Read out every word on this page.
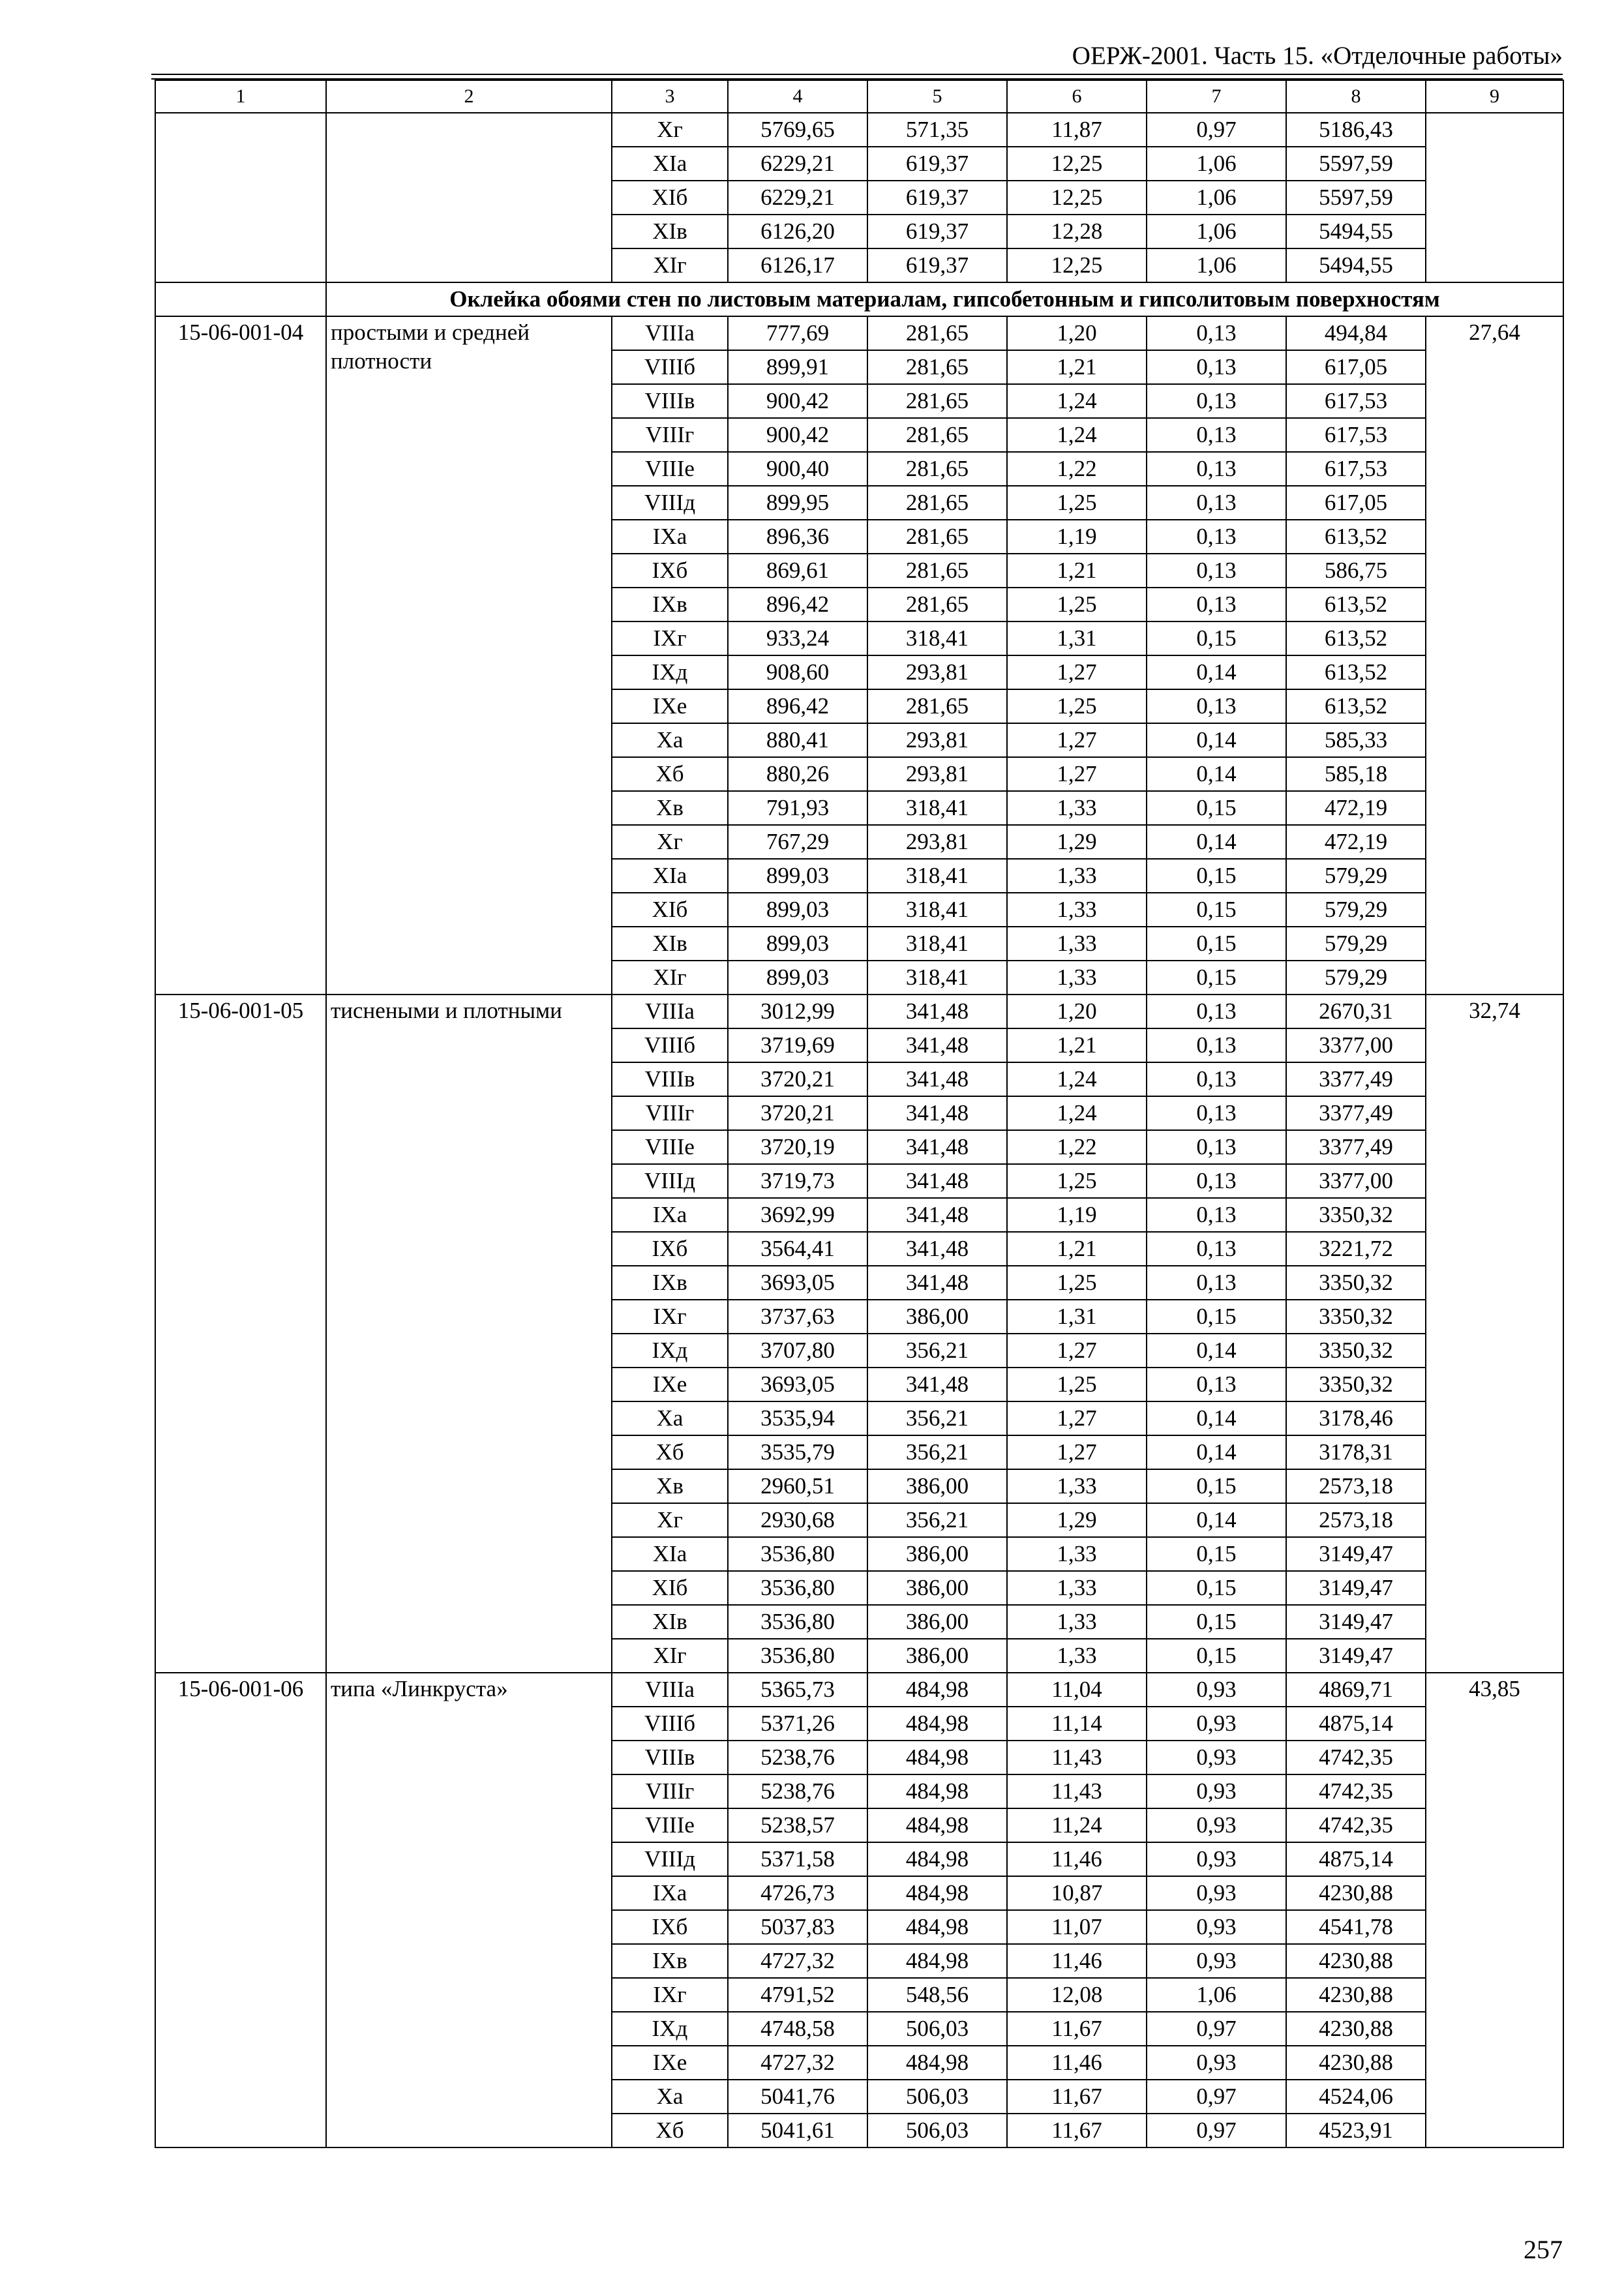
ОЕРЖ-2001. Часть 15. «Отделочные работы»
1	2	3	4	5	6	7	8	9
		Xг	5769,65	571,35	11,87	0,97	5186,43	
		XIа	6229,21	619,37	12,25	1,06	5597,59	
		XIб	6229,21	619,37	12,25	1,06	5597,59	
		XIв	6126,20	619,37	12,28	1,06	5494,55	
		XIг	6126,17	619,37	12,25	1,06	5494,55	
	Оклейка обоями стен по листовым материалам, гипсобетонным и гипсолитовым поверхностям							
15-06-001-04	простыми и средней плотности	VIIIа	777,69	281,65	1,20	0,13	494,84	27,64
		VIIIб	899,91	281,65	1,21	0,13	617,05	
		VIIIв	900,42	281,65	1,24	0,13	617,53	
		VIIIг	900,42	281,65	1,24	0,13	617,53	
		VIIIе	900,40	281,65	1,22	0,13	617,53	
		VIIIд	899,95	281,65	1,25	0,13	617,05	
		IXа	896,36	281,65	1,19	0,13	613,52	
		IXб	869,61	281,65	1,21	0,13	586,75	
		IXв	896,42	281,65	1,25	0,13	613,52	
		IXг	933,24	318,41	1,31	0,15	613,52	
		IXд	908,60	293,81	1,27	0,14	613,52	
		IXе	896,42	281,65	1,25	0,13	613,52	
		Xа	880,41	293,81	1,27	0,14	585,33	
		Xб	880,26	293,81	1,27	0,14	585,18	
		Xв	791,93	318,41	1,33	0,15	472,19	
		Xг	767,29	293,81	1,29	0,14	472,19	
		XIа	899,03	318,41	1,33	0,15	579,29	
		XIб	899,03	318,41	1,33	0,15	579,29	
		XIв	899,03	318,41	1,33	0,15	579,29	
		XIг	899,03	318,41	1,33	0,15	579,29	
15-06-001-05	тиснеными и плотными	VIIIа	3012,99	341,48	1,20	0,13	2670,31	32,74
		VIIIб	3719,69	341,48	1,21	0,13	3377,00	
		VIIIв	3720,21	341,48	1,24	0,13	3377,49	
		VIIIг	3720,21	341,48	1,24	0,13	3377,49	
		VIIIе	3720,19	341,48	1,22	0,13	3377,49	
		VIIIд	3719,73	341,48	1,25	0,13	3377,00	
		IXа	3692,99	341,48	1,19	0,13	3350,32	
		IXб	3564,41	341,48	1,21	0,13	3221,72	
		IXв	3693,05	341,48	1,25	0,13	3350,32	
		IXг	3737,63	386,00	1,31	0,15	3350,32	
		IXд	3707,80	356,21	1,27	0,14	3350,32	
		IXе	3693,05	341,48	1,25	0,13	3350,32	
		Xа	3535,94	356,21	1,27	0,14	3178,46	
		Xб	3535,79	356,21	1,27	0,14	3178,31	
		Xв	2960,51	386,00	1,33	0,15	2573,18	
		Xг	2930,68	356,21	1,29	0,14	2573,18	
		XIа	3536,80	386,00	1,33	0,15	3149,47	
		XIб	3536,80	386,00	1,33	0,15	3149,47	
		XIв	3536,80	386,00	1,33	0,15	3149,47	
		XIг	3536,80	386,00	1,33	0,15	3149,47	
15-06-001-06	типа «Линкруста»	VIIIа	5365,73	484,98	11,04	0,93	4869,71	43,85
		VIIIб	5371,26	484,98	11,14	0,93	4875,14	
		VIIIв	5238,76	484,98	11,43	0,93	4742,35	
		VIIIг	5238,76	484,98	11,43	0,93	4742,35	
		VIIIе	5238,57	484,98	11,24	0,93	4742,35	
		VIIIд	5371,58	484,98	11,46	0,93	4875,14	
		IXа	4726,73	484,98	10,87	0,93	4230,88	
		IXб	5037,83	484,98	11,07	0,93	4541,78	
		IXв	4727,32	484,98	11,46	0,93	4230,88	
		IXг	4791,52	548,56	12,08	1,06	4230,88	
		IXд	4748,58	506,03	11,67	0,97	4230,88	
		IXе	4727,32	484,98	11,46	0,93	4230,88	
		Xа	5041,76	506,03	11,67	0,97	4524,06	
		Xб	5041,61	506,03	11,67	0,97	4523,91	
257
